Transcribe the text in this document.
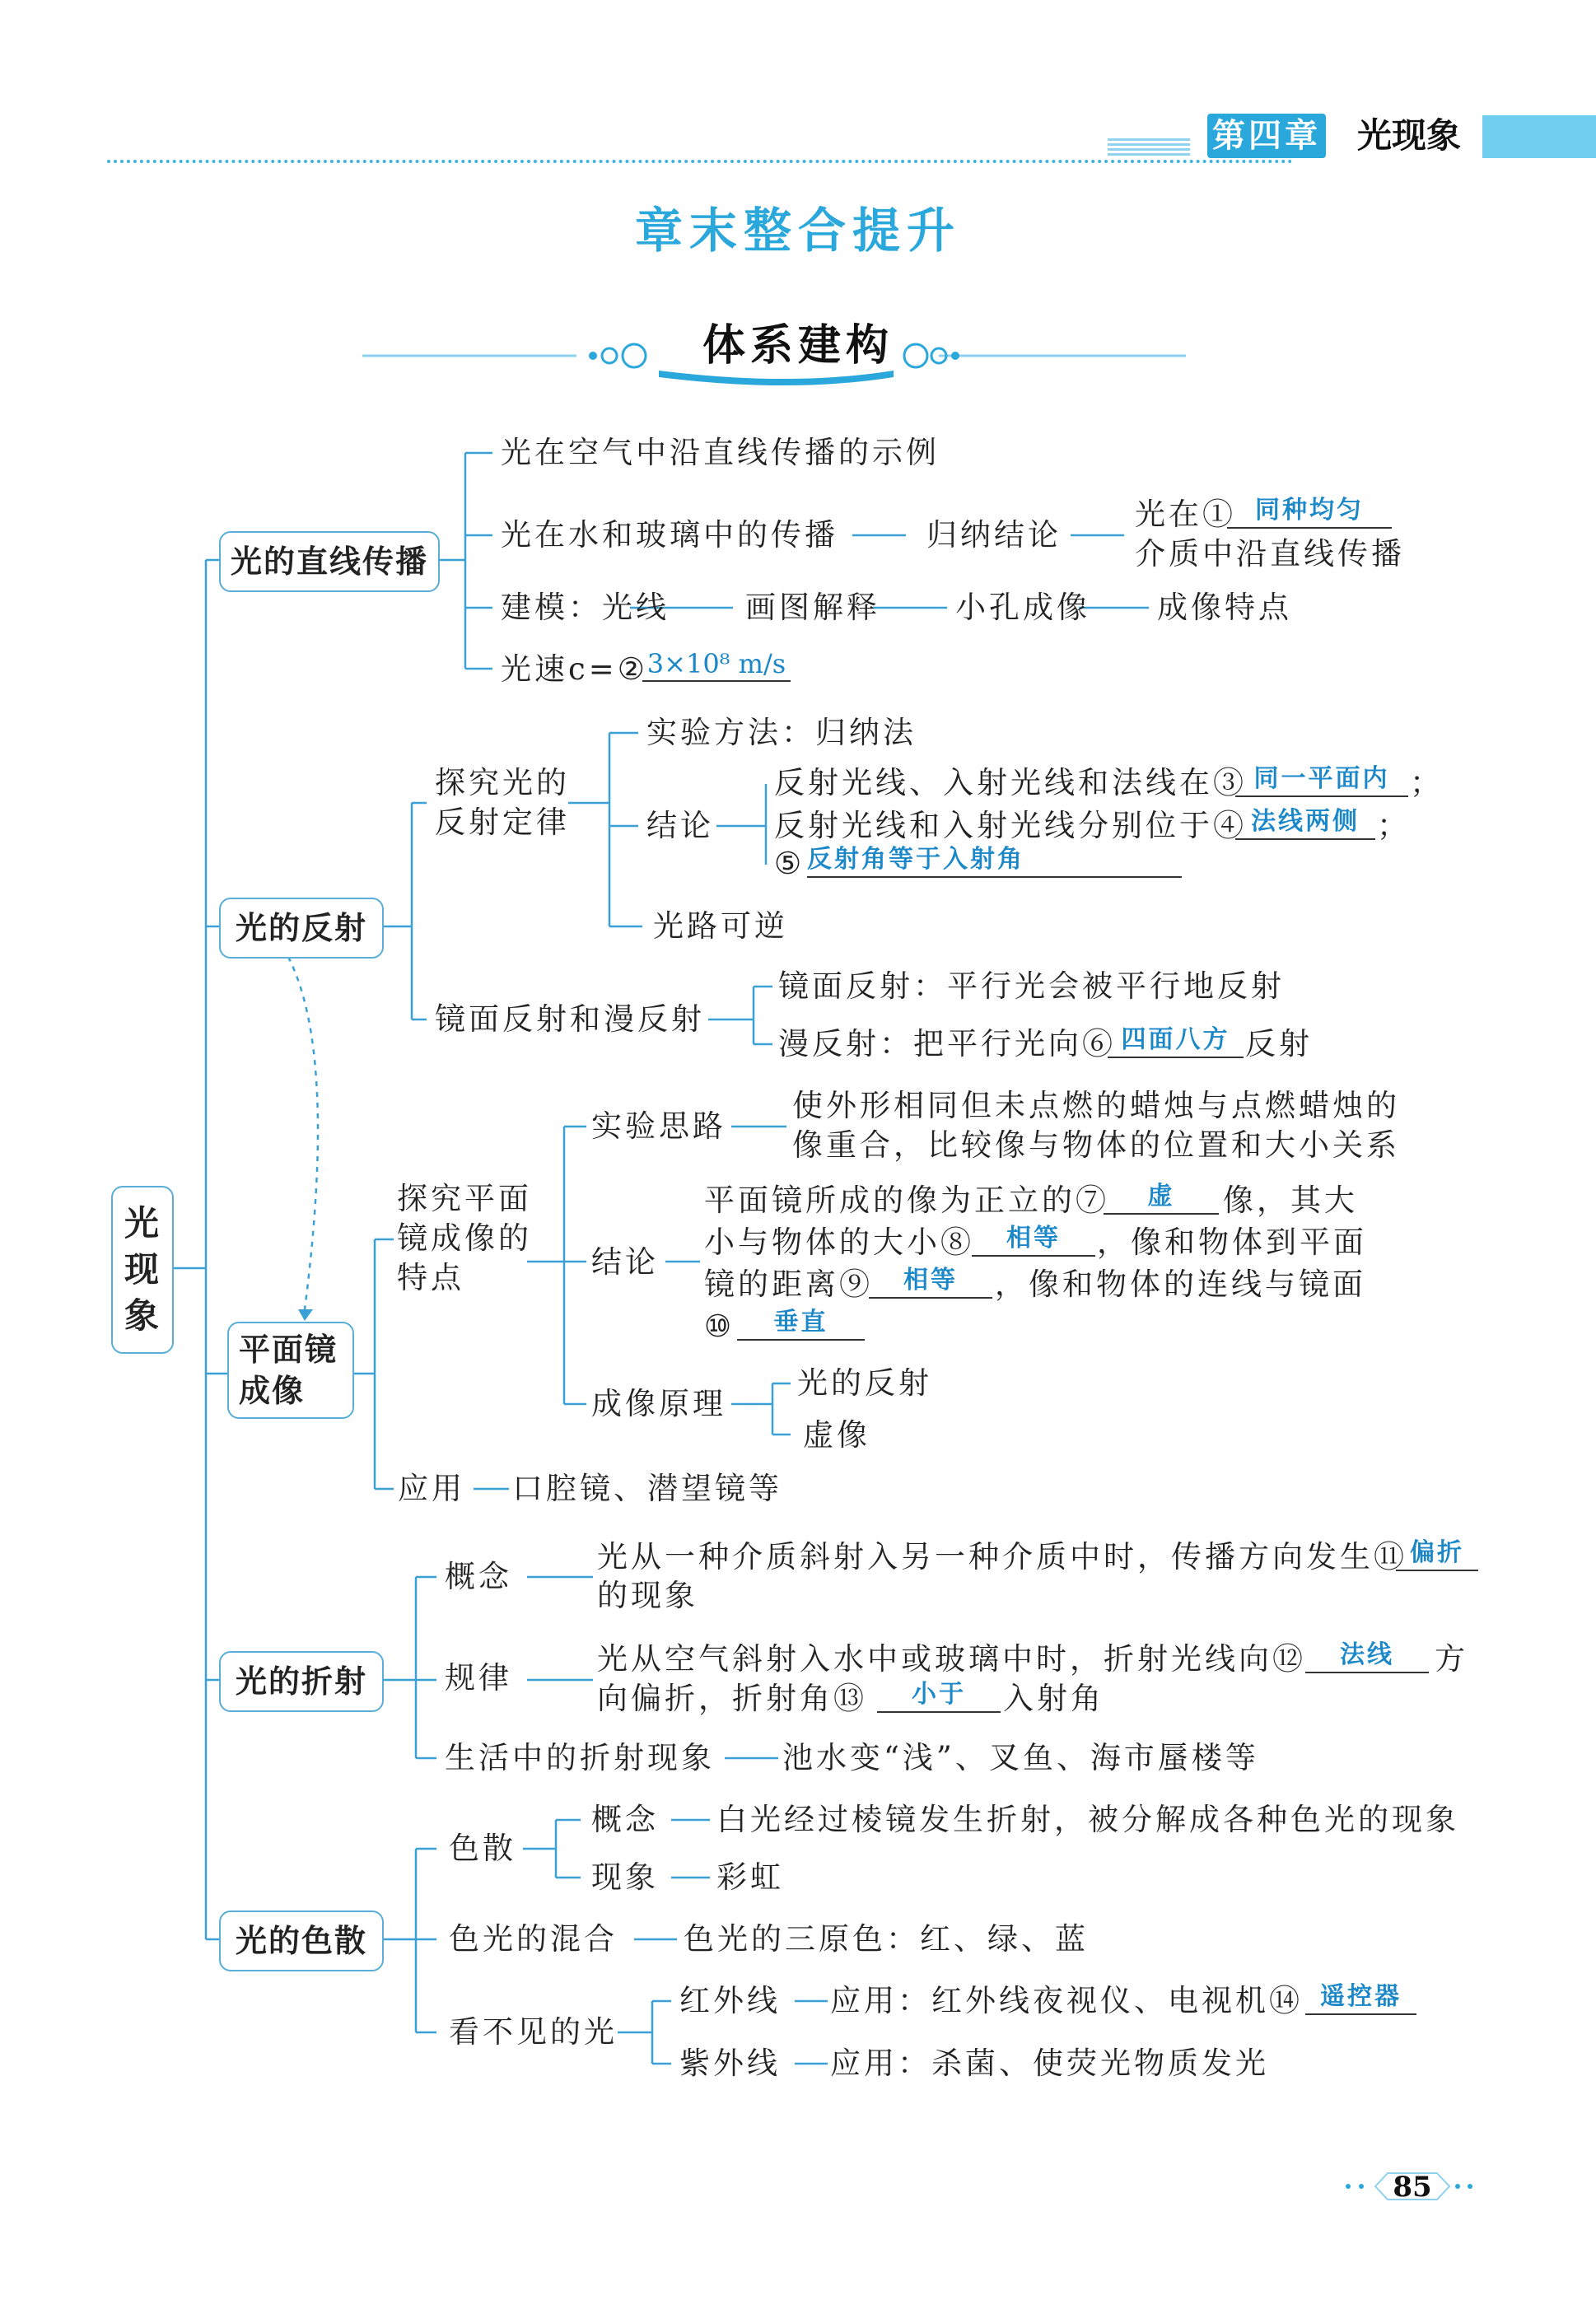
第四章 光现象
章末整合提升
体系建构
光
现
象
光的直线传播
光在空气中沿直线传播的示例
光在水和玻璃中的传播	归纳结论
光在① 同种均匀
介质中沿直线传播
建模：光线 画图解释 小孔成像 成像特点
光速c=②
3×10⁸ m/s
光的反射
探究光的
反射定律
实验方法：归纳法
结论
反射光线、入射光线和法线在③ 同一平面内 ；
反射光线和入射光线分别位于④ 法线两侧 ；
⑤ 反射角等于入射角
光路可逆
镜面反射和漫反射
镜面反射：平行光会被平行地反射
漫反射：把平行光向⑥ 四面八方 反射
平面镜
成像
探究平面
镜成像的
特点
实验思路
使外形相同但未点燃的蜡烛与点燃蜡烛的
像重合，比较像与物体的位置和大小关系
结论
平面镜所成的像为正立的⑦	虚	像，其大
小与物体的大小⑧	相等	，像和物体到平面
镜的距离⑨	相等	，像和物体的连线与镜面
⑩	垂直
成像原理
光的反射
虚像
应用 口腔镜、潜望镜等
光的折射
概念
光从一种介质斜射入另一种介质中时，传播方向发生⑪ 偏折
的现象
规律
光从空气斜射入水中或玻璃中时，折射光线向⑫	法线	方
向偏折，折射角⑬	小于	入射角
生活中的折射现象 池水变“浅”、叉鱼、海市蜃楼等
光的色散
色散
概念 白光经过棱镜发生折射，被分解成各种色光的现象
现象 彩虹
色光的混合 色光的三原色：红、绿、蓝
看不见的光
红外线 应用：红外线夜视仪、电视机⑭ 遥控器
紫外线 应用：杀菌、使荧光物质发光
85
